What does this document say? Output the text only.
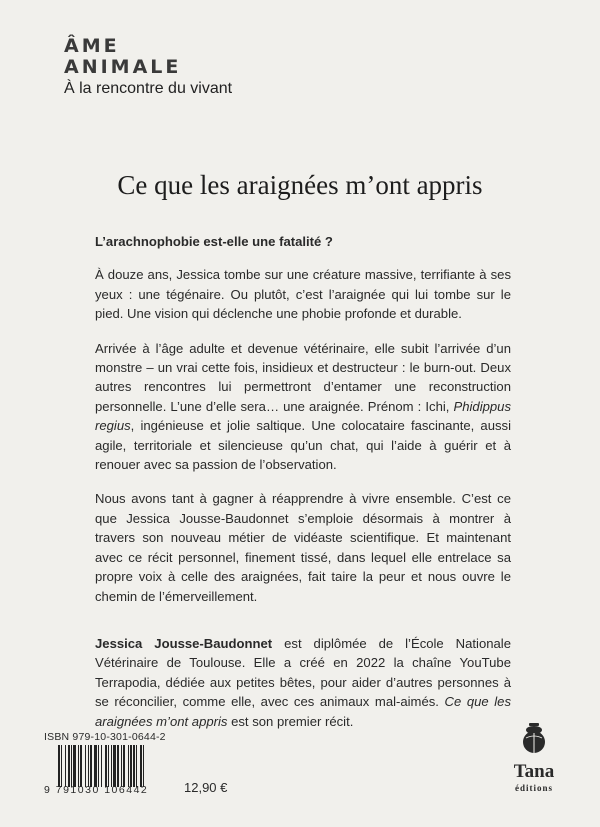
ÂME
ANIMALE
À la rencontre du vivant
Ce que les araignées m’ont appris

L’arachnophobie est-elle une fatalité ?

À douze ans, Jessica tombe sur une créature massive, terrifiante à ses yeux : une tégénaire. Ou plutôt, c’est l’araignée qui lui tombe sur le pied. Une vision qui déclenche une phobie profonde et durable.

Arrivée à l’âge adulte et devenue vétérinaire, elle subit l’arrivée d’un monstre – un vrai cette fois, insidieux et destructeur : le burn-out. Deux autres rencontres lui permettront d’entamer une reconstruction personnelle. L’une d’elle sera… une araignée. Prénom : Ichi, Phidippus regius, ingénieuse et jolie saltique. Une colocataire fascinante, aussi agile, territoriale et silencieuse qu’un chat, qui l’aide à guérir et à renouer avec sa passion de l’observation.

Nous avons tant à gagner à réapprendre à vivre ensemble. C’est ce que Jessica Jousse-Baudonnet s’emploie désormais à montrer à travers son nouveau métier de vidéaste scientifique. Et maintenant avec ce récit personnel, finement tissé, dans lequel elle entrelace sa propre voix à celle des araignées, fait taire la peur et nous ouvre le chemin de l’émerveillement.

Jessica Jousse-Baudonnet est diplômée de l’École Nationale Vétérinaire de Toulouse. Elle a créé en 2022 la chaîne YouTube Terrapodia, dédiée aux petites bêtes, pour aider d’autres personnes à se réconcilier, comme elle, avec ces animaux mal-aimés. Ce que les araignées m’ont appris est son premier récit.

ISBN 979-10-301-0644-2
9 791030 106442	12,90 €
Tana
éditions
